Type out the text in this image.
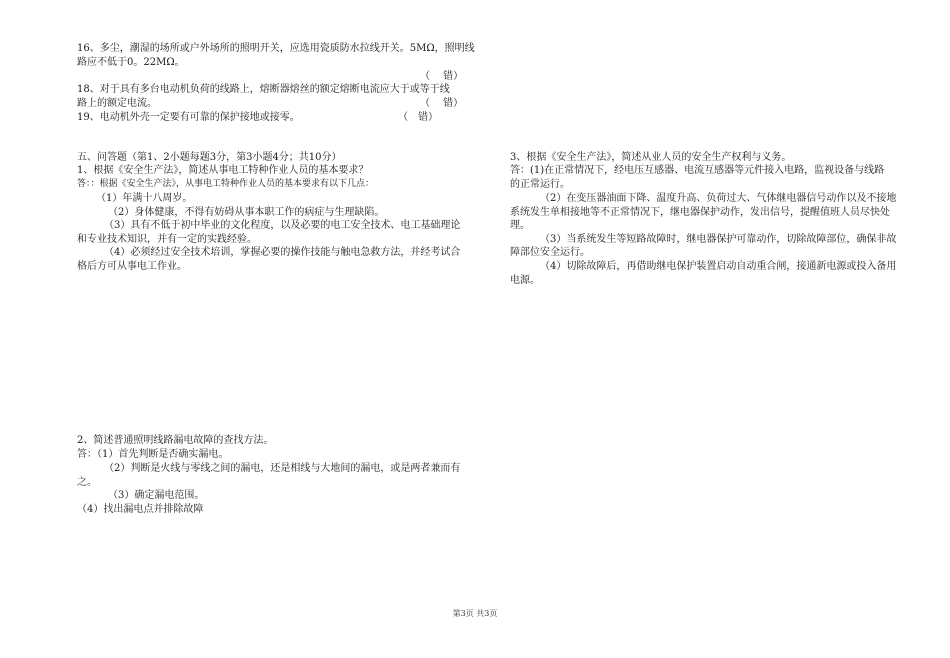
16、多尘，潮湿的场所或户外场所的照明开关，应选用瓷质防水拉线开关。5MΩ，照明线
路应不低于0。22MΩ。
（　 错）
18、对于具有多台电动机负荷的线路上，熔断器熔丝的额定熔断电流应大于或等于线
路上的额定电流。	（　 错）
19、电动机外壳一定要有可靠的保护接地或接零。	（　错）
五、问答题（第1、2小题每题3分，第3小题4分；共10分）
1、根据《安全生产法》，简述从事电工特种作业人员的基本要求？
答：：根据《安全生产法》，从事电工特种作业人员的基本要求有以下几点：
（1）年满十八周岁。
（2）身体健康，不得有妨碍从事本职工作的病症与生理缺陷。
（3）具有不低于初中毕业的文化程度，以及必要的电工安全技术、电工基础理论
和专业技术知识，并有一定的实践经验。
（4）必须经过安全技术培训，掌握必要的操作技能与触电急救方法，并经考试合
格后方可从事电工作业。
2、简述普通照明线路漏电故障的查找方法。
答：（1）首先判断是否确实漏电。
（2）判断是火线与零线之间的漏电，还是相线与大地间的漏电，或是两者兼而有
之。
（3）确定漏电范围。
（4）找出漏电点并排除故障
3、根据《安全生产法》，简述从业人员的安全生产权利与义务。
答：(1)在正常情况下，经电压互感器、电流互感器等元件接入电路，监视设备与线路
的正常运行。
（2）在变压器油面下降、温度升高、负荷过大、气体继电器信号动作以及不接地
系统发生单相接地等不正常情况下，继电器保护动作，发出信号，提醒值班人员尽快处
理。
（3）当系统发生等短路故障时，继电器保护可靠动作，切除故障部位，确保非故
障部位安全运行。
（4）切除故障后，再借助继电保护装置启动自动重合闸，接通新电源或投入备用
电源。
第3页 共3页
